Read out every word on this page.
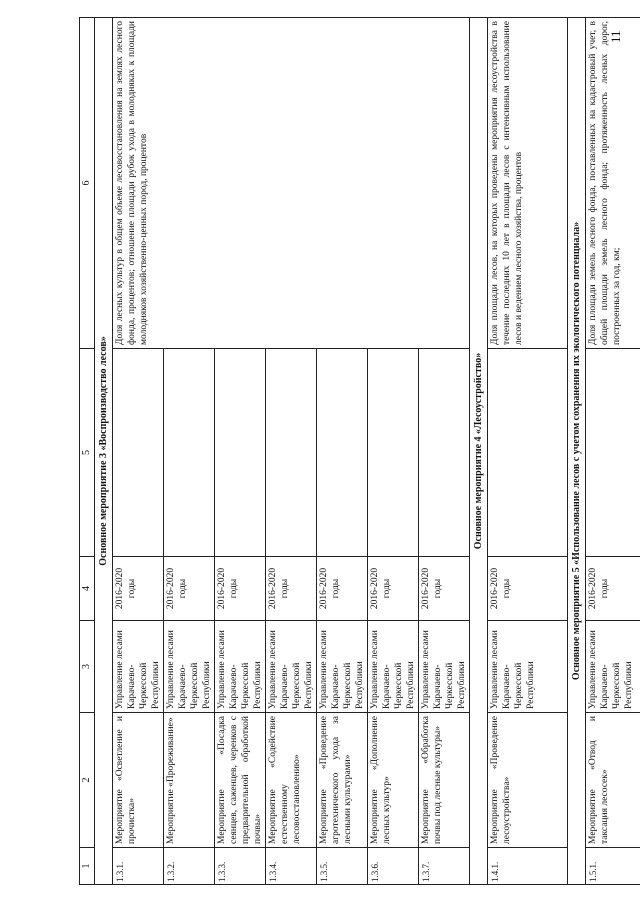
11
1	2	3	4	5	6
Основное мероприятие 3 «Воспроизводство лесов»					
1.3.1.	Мероприятие «Осветление и прочистка»	Управление лесами Карачаево-Черкесской Республики	2016-2020 годы		Доля лесных культур в общем объеме лесовосстановления на землях лесного фонда, процентов; отношение площади рубок ухода в молодняках к площади молодняков хозяйственно-ценных пород, процентов
1.3.2.	Мероприятие «Прореживание»	Управление лесами Карачаево-Черкесской Республики	2016-2020 годы		
1.3.3.	Мероприятие «Посадка сеянцев, саженцев, черенков с предварительной обработкой почвы»	Управление лесами Карачаево-Черкесской Республики	2016-2020 годы		
1.3.4.	Мероприятие «Содействие естественному лесовосстановлению»	Управление лесами Карачаево-Черкесской Республики	2016-2020 годы		
1.3.5.	Мероприятие «Проведение агротехнического ухода за лесными культурами»	Управление лесами Карачаево-Черкесской Республики	2016-2020 годы		
1.3.6.	Мероприятие «Дополнение лесных культур»	Управление лесами Карачаево-Черкесской Республики	2016-2020 годы		
1.3.7.	Мероприятие «Обработка почвы под лесные культуры»	Управление лесами Карачаево-Черкесской Республики	2016-2020 годы		
Основное мероприятие 4 «Лесоустройство»					
1.4.1.	Мероприятие «Проведение лесоустройства»	Управление лесами Карачаево-Черкесской Республики	2016-2020 годы		Доля площади лесов, на которых проведены мероприятия лесоустройства в течение последних 10 лет в площади лесов с интенсивным использование лесов и ведением лесного хозяйства, процентов
Основное мероприятие 5 «Использование лесов с учетом сохранения их экологического потенциала»					
1.5.1.	Мероприятие «Отвод и таксация лесосек»	Управление лесами Карачаево-Черкесской Республики	2016-2020 годы		Доля площади земель лесного фонда, поставленных на кадастровый учет, в общей площади земель лесного фонда; протяженность лесных дорог, построенных за год, км;
